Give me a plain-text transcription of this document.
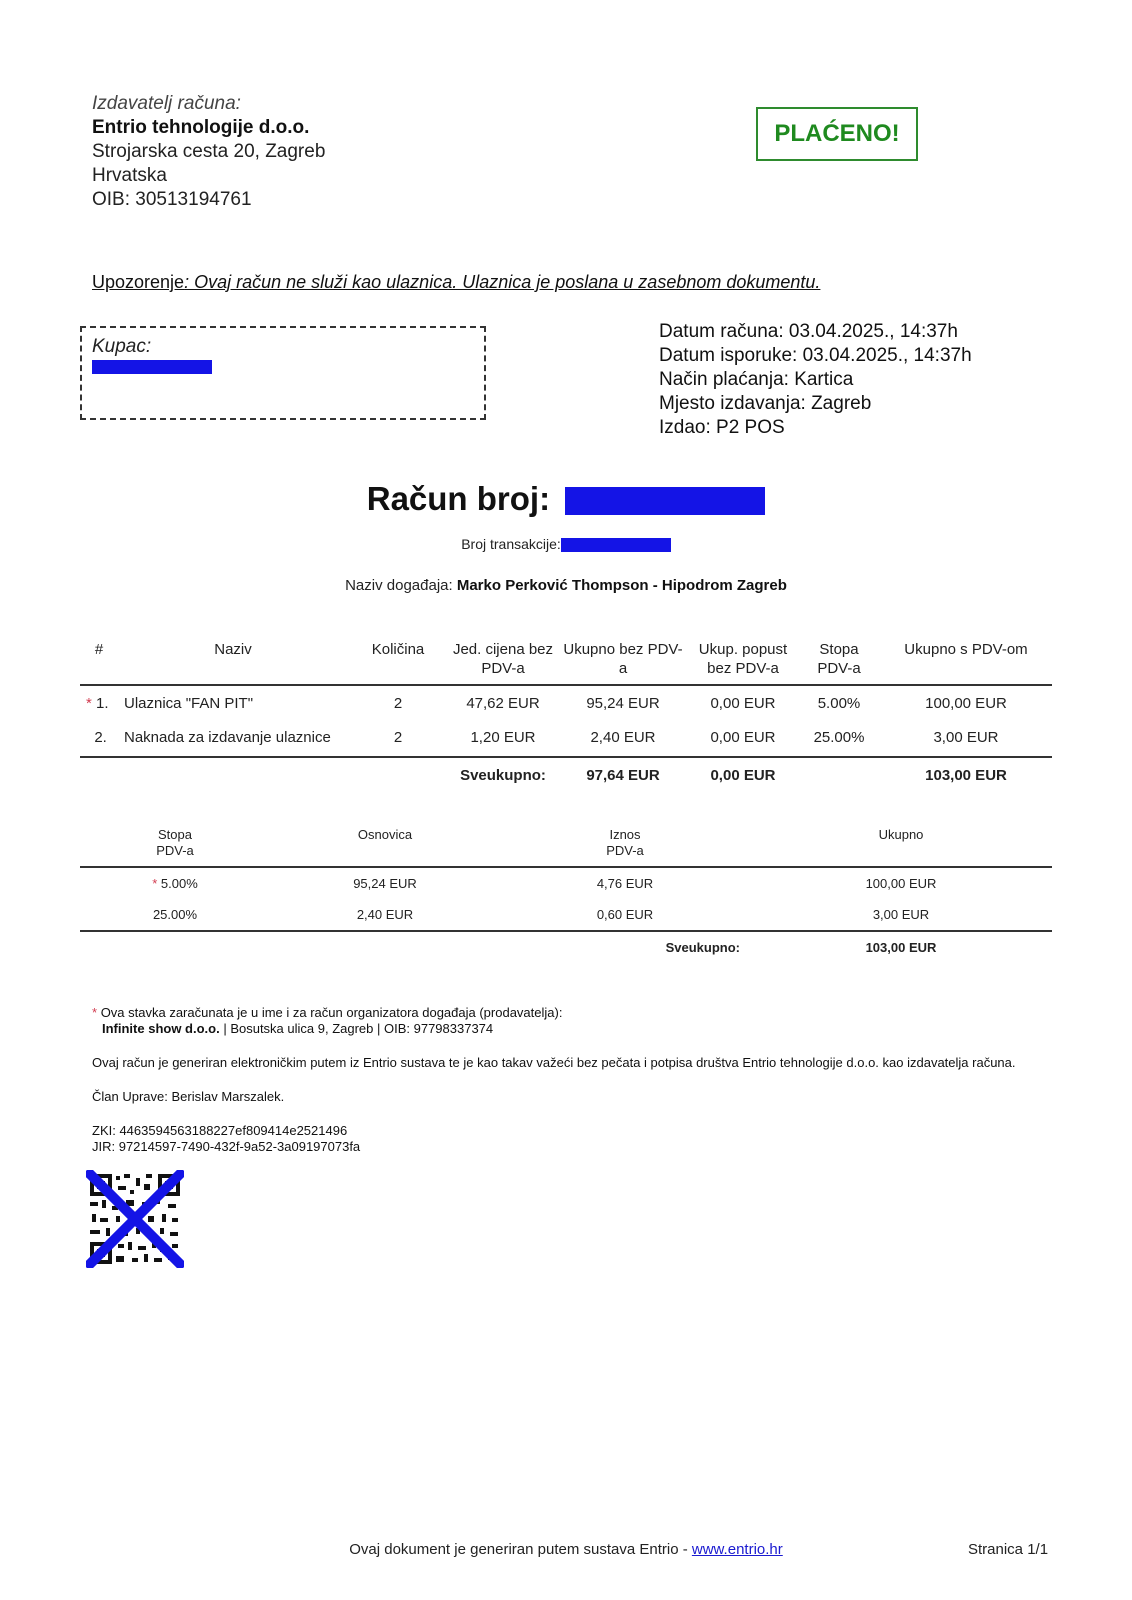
Izdavatelj računa:
Entrio tehnologije d.o.o.
Strojarska cesta 20, Zagreb
Hrvatska
OIB: 30513194761
PLAĆENO!
Upozorenje: Ovaj račun ne služi kao ulaznica. Ulaznica je poslana u zasebnom dokumentu.
Kupac:
Datum računa: 03.04.2025., 14:37h
Datum isporuke: 03.04.2025., 14:37h
Način plaćanja: Kartica
Mjesto izdavanja: Zagreb
Izdao: P2 POS
Račun broj:
Broj transakcije:
Naziv događaja: Marko Perković Thompson - Hipodrom Zagreb
#	Naziv	Količina	Jed. cijena bez PDV-a	Ukupno bez PDV-a	Ukup. popust bez PDV-a	Stopa PDV-a	Ukupno s PDV-om
* 1.	Ulaznica "FAN PIT"	2	47,62 EUR	95,24 EUR	0,00 EUR	5.00%	100,00 EUR
2.	Naknada za izdavanje ulaznice	2	1,20 EUR	2,40 EUR	0,00 EUR	25.00%	3,00 EUR
			Sveukupno:	97,64 EUR	0,00 EUR		103,00 EUR
Stopa PDV-a	Osnovica	Iznos PDV-a	Ukupno
* 5.00%	95,24 EUR	4,76 EUR	100,00 EUR
25.00%	2,40 EUR	0,60 EUR	3,00 EUR
		Sveukupno:	103,00 EUR

* Ova stavka zaračunata je u ime i za račun organizatora događaja (prodavatelja):

Infinite show d.o.o. | Bosutska ulica 9, Zagreb | OIB: 97798337374

Ovaj račun je generiran elektroničkim putem iz Entrio sustava te je kao takav važeći bez pečata i potpisa društva Entrio tehnologije d.o.o. kao izdavatelja računa.

Član Uprave: Berislav Marszalek.

ZKI: 4463594563188227ef809414e2521496

JIR: 97214597-7490-432f-9a52-3a09197073fa

Ovaj dokument je generiran putem sustava Entrio - www.entrio.hr	Stranica 1/1
